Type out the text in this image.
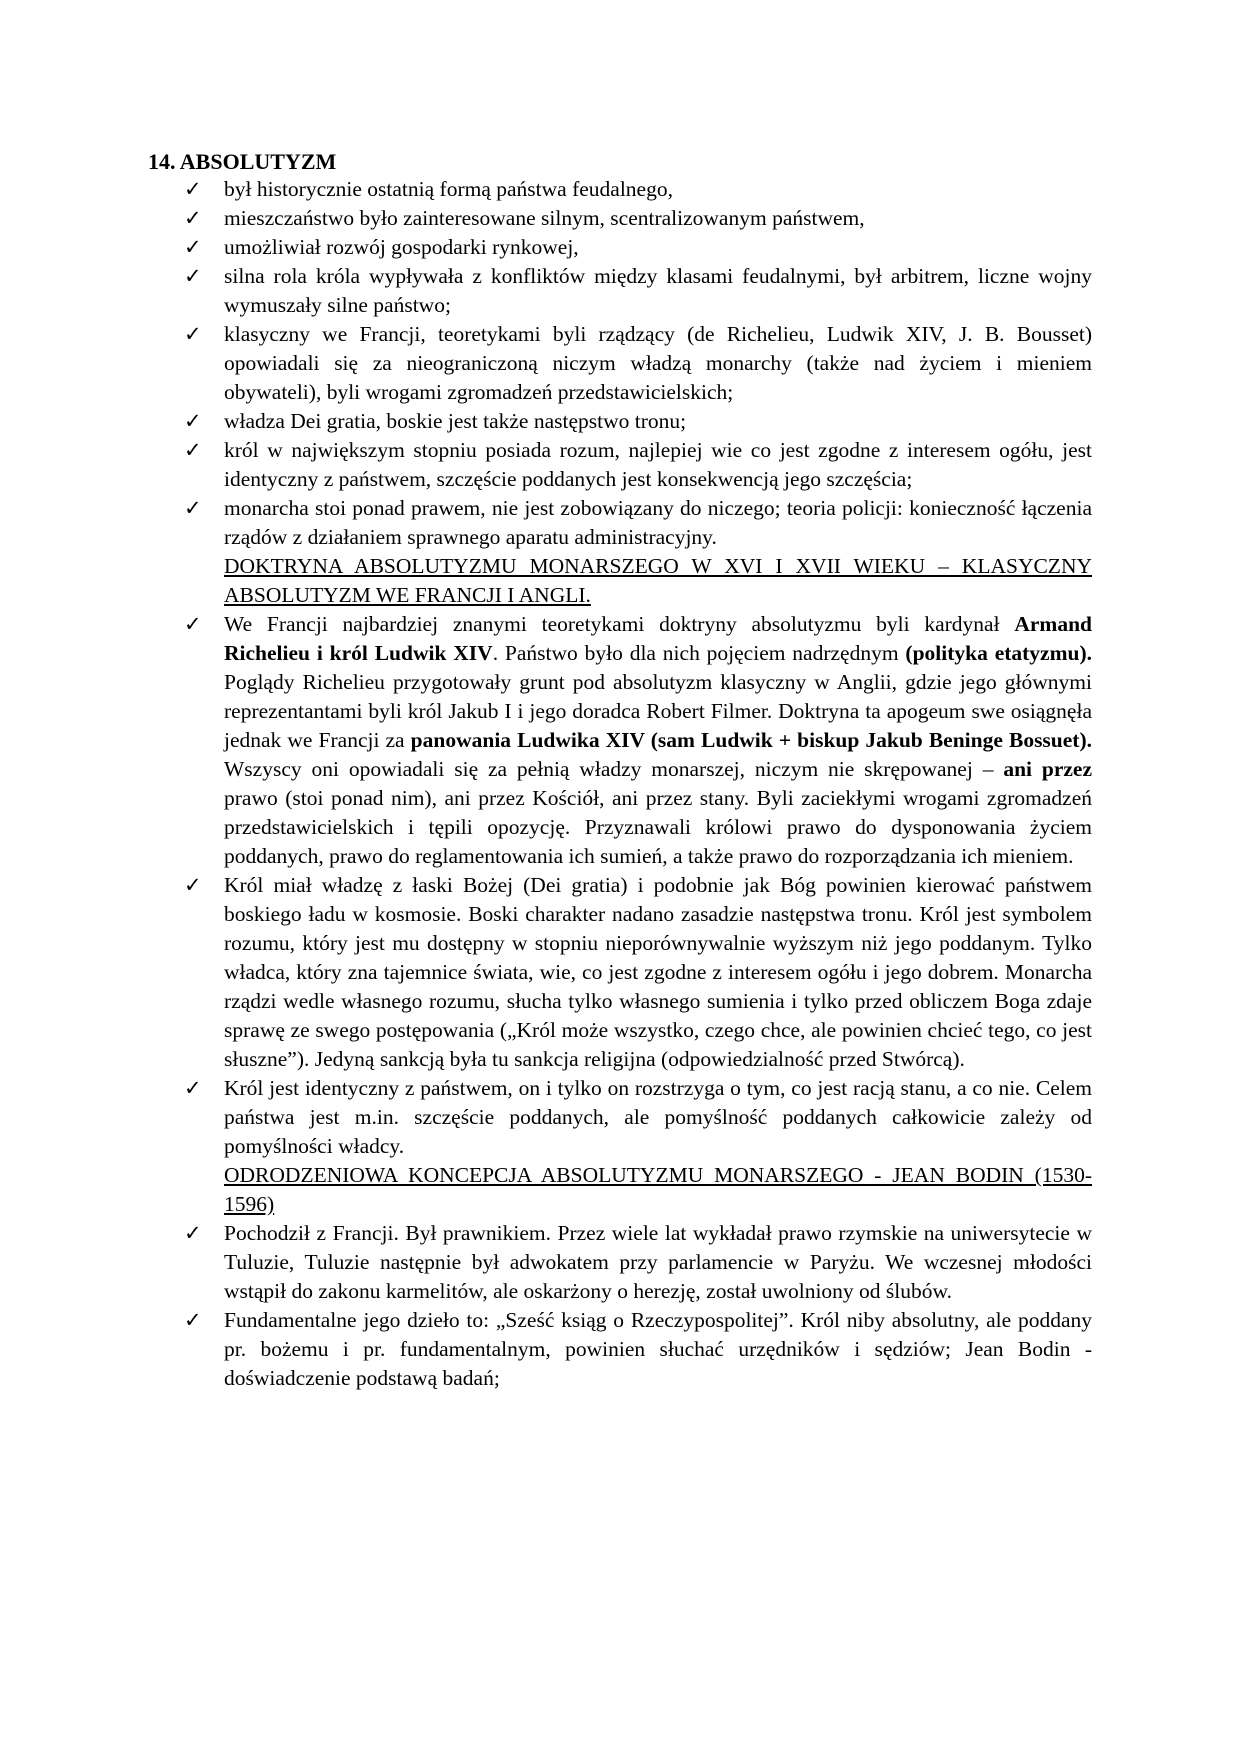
14. ABSOLUTYZM

✓ był historycznie ostatnią formą państwa feudalnego,

✓ mieszczaństwo było zainteresowane silnym, scentralizowanym państwem,

✓ umożliwiał rozwój gospodarki rynkowej,

✓ silna rola króla wypływała z konfliktów między klasami feudalnymi, był arbitrem, liczne wojny wymuszały silne państwo;

✓ klasyczny we Francji, teoretykami byli rządzący (de Richelieu, Ludwik XIV, J. B. Bousset) opowiadali się za nieograniczoną niczym władzą monarchy (także nad życiem i mieniem obywateli), byli wrogami zgromadzeń przedstawicielskich;

✓ władza Dei gratia, boskie jest także następstwo tronu;

✓ król w największym stopniu posiada rozum, najlepiej wie co jest zgodne z interesem ogółu, jest identyczny z państwem, szczęście poddanych jest konsekwencją jego szczęścia;

✓ monarcha stoi ponad prawem, nie jest zobowiązany do niczego; teoria policji: konieczność łączenia rządów z działaniem sprawnego aparatu administracyjny.

DOKTRYNA ABSOLUTYZMU MONARSZEGO W XVI I XVII WIEKU – KLASYCZNY ABSOLUTYZM WE FRANCJI I ANGLI.

✓ We Francji najbardziej znanymi teoretykami doktryny absolutyzmu byli kardynał Armand Richelieu i król Ludwik XIV. Państwo było dla nich pojęciem nadrzędnym (polityka etatyzmu). Poglądy Richelieu przygotowały grunt pod absolutyzm klasyczny w Anglii, gdzie jego głównymi reprezentantami byli król Jakub I i jego doradca Robert Filmer. Doktryna ta apogeum swe osiągnęła jednak we Francji za panowania Ludwika XIV (sam Ludwik + biskup Jakub Beninge Bossuet). Wszyscy oni opowiadali się za pełnią władzy monarszej, niczym nie skrępowanej – ani przez prawo (stoi ponad nim), ani przez Kościół, ani przez stany. Byli zaciekłymi wrogami zgromadzeń przedstawicielskich i tępili opozycję. Przyznawali królowi prawo do dysponowania życiem poddanych, prawo do reglamentowania ich sumień, a także prawo do rozporządzania ich mieniem.

✓ Król miał władzę z łaski Bożej (Dei gratia) i podobnie jak Bóg powinien kierować państwem boskiego ładu w kosmosie. Boski charakter nadano zasadzie następstwa tronu. Król jest symbolem rozumu, który jest mu dostępny w stopniu nieporównywalnie wyższym niż jego poddanym. Tylko władca, który zna tajemnice świata, wie, co jest zgodne z interesem ogółu i jego dobrem. Monarcha rządzi wedle własnego rozumu, słucha tylko własnego sumienia i tylko przed obliczem Boga zdaje sprawę ze swego postępowania („Król może wszystko, czego chce, ale powinien chcieć tego, co jest słuszne”). Jedyną sankcją była tu sankcja religijna (odpowiedzialność przed Stwórcą).

✓ Król jest identyczny z państwem, on i tylko on rozstrzyga o tym, co jest racją stanu, a co nie. Celem państwa jest m.in. szczęście poddanych, ale pomyślność poddanych całkowicie zależy od pomyślności władcy.

ODRODZENIOWA KONCEPCJA ABSOLUTYZMU MONARSZEGO - JEAN BODIN (1530-1596)

✓ Pochodził z Francji. Był prawnikiem. Przez wiele lat wykładał prawo rzymskie na uniwersytecie w Tuluzie, Tuluzie następnie był adwokatem przy parlamencie w Paryżu. We wczesnej młodości wstąpił do zakonu karmelitów, ale oskarżony o herezję, został uwolniony od ślubów.

✓ Fundamentalne jego dzieło to: „Sześć ksiąg o Rzeczypospolitej”. Król niby absolutny, ale poddany pr. bożemu i pr. fundamentalnym, powinien słuchać urzędników i sędziów; Jean Bodin - doświadczenie podstawą badań;
